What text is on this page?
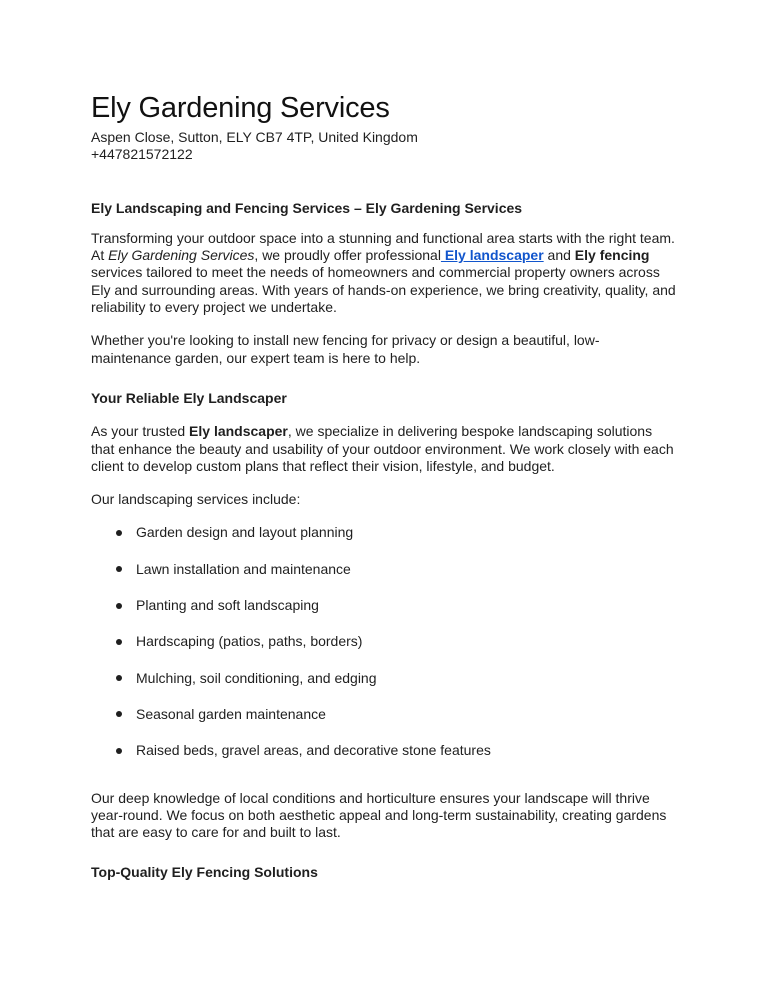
Ely Gardening Services
Aspen Close, Sutton, ELY CB7 4TP, United Kingdom
+447821572122
Ely Landscaping and Fencing Services – Ely Gardening Services

Transforming your outdoor space into a stunning and functional area starts with the right team. At Ely Gardening Services, we proudly offer professional Ely landscaper and Ely fencing services tailored to meet the needs of homeowners and commercial property owners across Ely and surrounding areas. With years of hands-on experience, we bring creativity, quality, and reliability to every project we undertake.

Whether you're looking to install new fencing for privacy or design a beautiful, low-maintenance garden, our expert team is here to help.

Your Reliable Ely Landscaper

As your trusted Ely landscaper, we specialize in delivering bespoke landscaping solutions that enhance the beauty and usability of your outdoor environment. We work closely with each client to develop custom plans that reflect their vision, lifestyle, and budget.

Our landscaping services include:

Garden design and layout planning
Lawn installation and maintenance
Planting and soft landscaping
Hardscaping (patios, paths, borders)
Mulching, soil conditioning, and edging
Seasonal garden maintenance
Raised beds, gravel areas, and decorative stone features

Our deep knowledge of local conditions and horticulture ensures your landscape will thrive year-round. We focus on both aesthetic appeal and long-term sustainability, creating gardens that are easy to care for and built to last.

Top-Quality Ely Fencing Solutions
